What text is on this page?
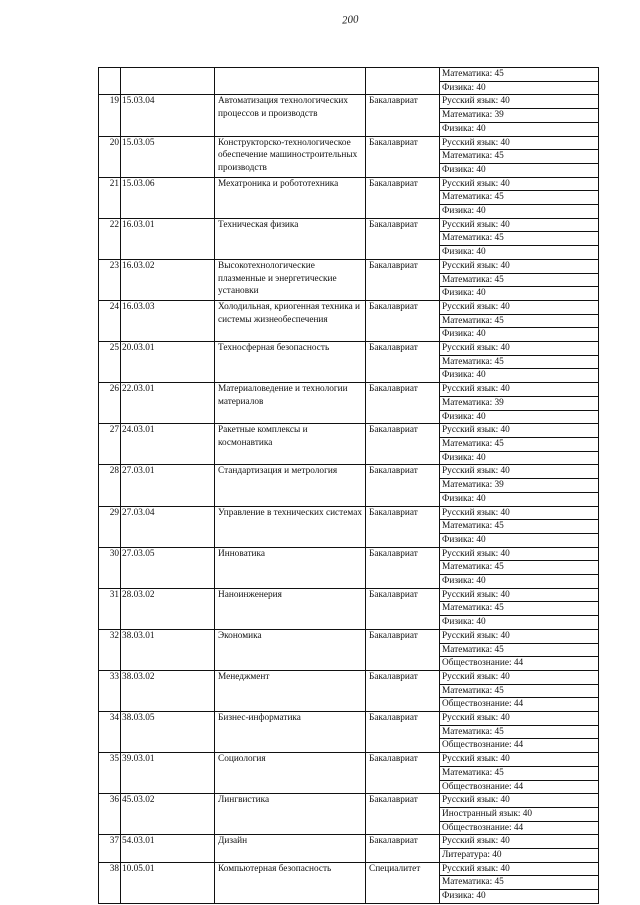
200
				Математика: 45
				Физика: 40
19	15.03.04	Автоматизация технологических процессов и производств	Бакалавриат	Русский язык: 40
				Математика: 39
				Физика: 40
20	15.03.05	Конструкторско-технологическое обеспечение машиностроительных производств	Бакалавриат	Русский язык: 40
				Математика: 45
				Физика: 40
21	15.03.06	Мехатроника и робототехника	Бакалавриат	Русский язык: 40
				Математика: 45
				Физика: 40
22	16.03.01	Техническая физика	Бакалавриат	Русский язык: 40
				Математика: 45
				Физика: 40
23	16.03.02	Высокотехнологические плазменные и энергетические установки	Бакалавриат	Русский язык: 40
				Математика: 45
				Физика: 40
24	16.03.03	Холодильная, криогенная техника и системы жизнеобеспечения	Бакалавриат	Русский язык: 40
				Математика: 45
				Физика: 40
25	20.03.01	Техносферная безопасность	Бакалавриат	Русский язык: 40
				Математика: 45
				Физика: 40
26	22.03.01	Материаловедение и технологии материалов	Бакалавриат	Русский язык: 40
				Математика: 39
				Физика: 40
27	24.03.01	Ракетные комплексы и космонавтика	Бакалавриат	Русский язык: 40
				Математика: 45
				Физика: 40
28	27.03.01	Стандартизация и метрология	Бакалавриат	Русский язык: 40
				Математика: 39
				Физика: 40
29	27.03.04	Управление в технических системах	Бакалавриат	Русский язык: 40
				Математика: 45
				Физика: 40
30	27.03.05	Инноватика	Бакалавриат	Русский язык: 40
				Математика: 45
				Физика: 40
31	28.03.02	Наноинженерия	Бакалавриат	Русский язык: 40
				Математика: 45
				Физика: 40
32	38.03.01	Экономика	Бакалавриат	Русский язык: 40
				Математика: 45
				Обществознание: 44
33	38.03.02	Менеджмент	Бакалавриат	Русский язык: 40
				Математика: 45
				Обществознание: 44
34	38.03.05	Бизнес-информатика	Бакалавриат	Русский язык: 40
				Математика: 45
				Обществознание: 44
35	39.03.01	Социология	Бакалавриат	Русский язык: 40
				Математика: 45
				Обществознание: 44
36	45.03.02	Лингвистика	Бакалавриат	Русский язык: 40
				Иностранный язык: 40
				Обществознание: 44
37	54.03.01	Дизайн	Бакалавриат	Русский язык: 40
				Литература: 40
38	10.05.01	Компьютерная безопасность	Специалитет	Русский язык: 40
				Математика: 45
				Физика: 40
